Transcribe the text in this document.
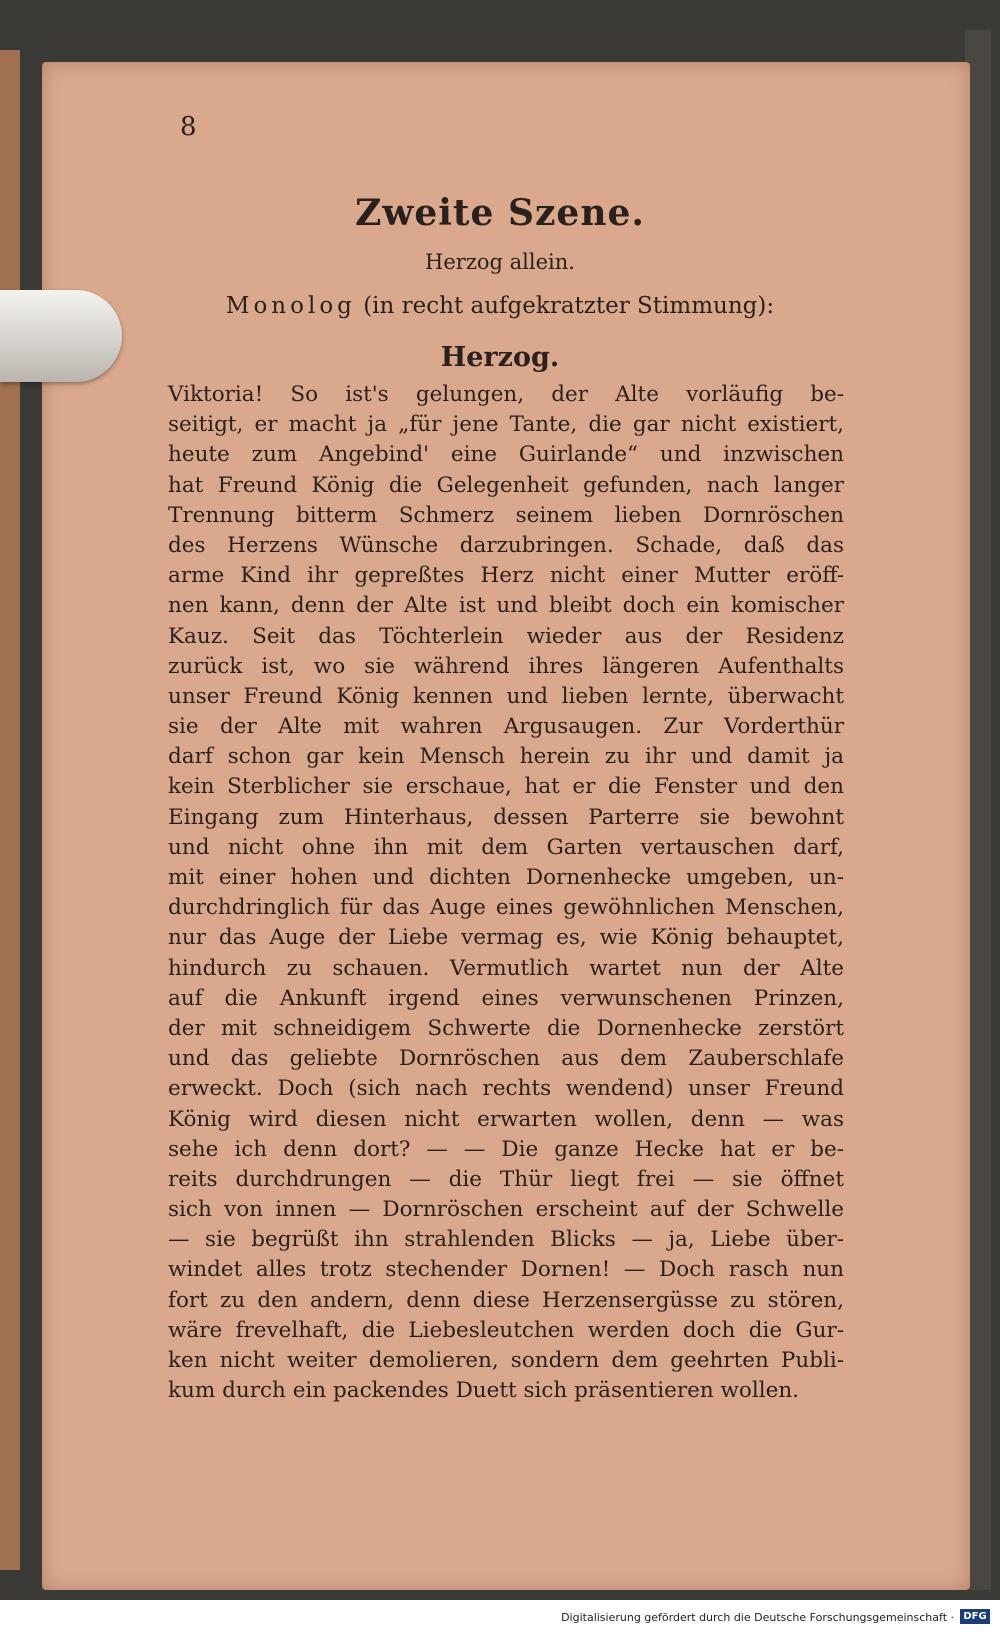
8
Zweite Szene.
Herzog allein.
Monolog (in recht aufgekratzter Stimmung):
Herzog.
Viktoria! So ist's gelungen, der Alte vorläufig be-
seitigt, er macht ja „für jene Tante, die gar nicht existiert,
heute zum Angebind' eine Guirlande“ und inzwischen
hat Freund König die Gelegenheit gefunden, nach langer
Trennung bitterm Schmerz seinem lieben Dornröschen
des Herzens Wünsche darzubringen. Schade, daß das
arme Kind ihr gepreßtes Herz nicht einer Mutter eröff-
nen kann, denn der Alte ist und bleibt doch ein komischer
Kauz. Seit das Töchterlein wieder aus der Residenz
zurück ist, wo sie während ihres längeren Aufenthalts
unser Freund König kennen und lieben lernte, überwacht
sie der Alte mit wahren Argusaugen. Zur Vorderthür
darf schon gar kein Mensch herein zu ihr und damit ja
kein Sterblicher sie erschaue, hat er die Fenster und den
Eingang zum Hinterhaus, dessen Parterre sie bewohnt
und nicht ohne ihn mit dem Garten vertauschen darf,
mit einer hohen und dichten Dornenhecke umgeben, un-
durchdringlich für das Auge eines gewöhnlichen Menschen,
nur das Auge der Liebe vermag es, wie König behauptet,
hindurch zu schauen. Vermutlich wartet nun der Alte
auf die Ankunft irgend eines verwunschenen Prinzen,
der mit schneidigem Schwerte die Dornenhecke zerstört
und das geliebte Dornröschen aus dem Zauberschlafe
erweckt. Doch (sich nach rechts wendend) unser Freund
König wird diesen nicht erwarten wollen, denn — was
sehe ich denn dort? — — Die ganze Hecke hat er be-
reits durchdrungen — die Thür liegt frei — sie öffnet
sich von innen — Dornröschen erscheint auf der Schwelle
— sie begrüßt ihn strahlenden Blicks — ja, Liebe über-
windet alles trotz stechender Dornen! — Doch rasch nun
fort zu den andern, denn diese Herzensergüsse zu stören,
wäre frevelhaft, die Liebesleutchen werden doch die Gur-
ken nicht weiter demolieren, sondern dem geehrten Publi-
kum durch ein packendes Duett sich präsentieren wollen.
Digitalisierung gefördert durch die Deutsche Forschungsgemeinschaft · DFG
